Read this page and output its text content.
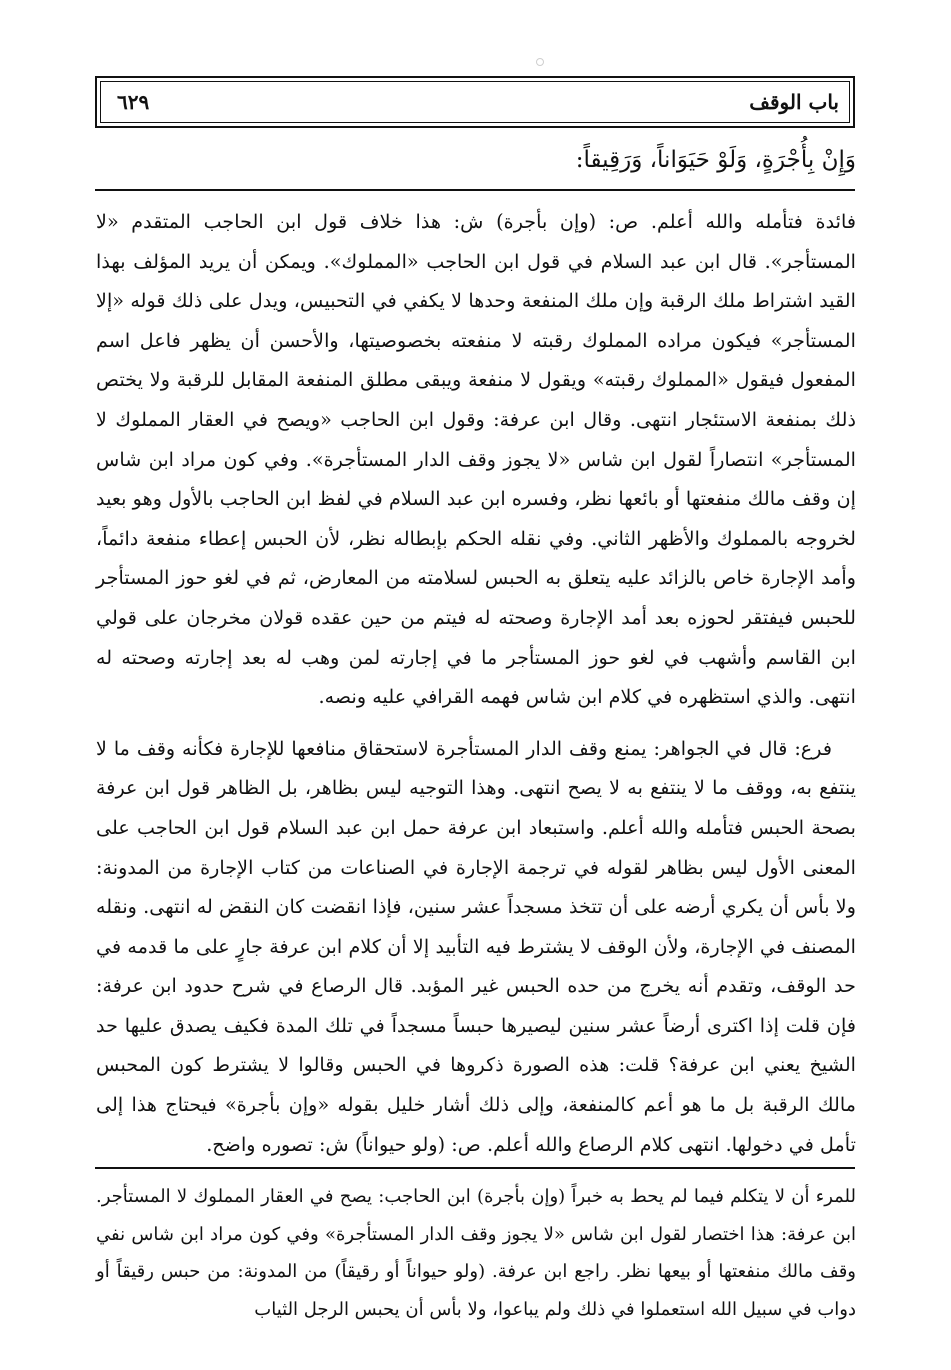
باب الوقف
٦٢٩
وَإِنْ بِأُجْرَةٍ، وَلَوْ حَيَوَاناً، وَرَقِيقاً:

فائدة فتأمله والله أعلم. ص: (وإن بأجرة) ش: هذا خلاف قول ابن الحاجب المتقدم «لا المستأجر». قال ابن عبد السلام في قول ابن الحاجب «المملوك». ويمكن أن يريد المؤلف بهذا القيد اشتراط ملك الرقبة وإن ملك المنفعة وحدها لا يكفي في التحبيس، ويدل على ذلك قوله «إلا المستأجر» فيكون مراده المملوك رقبته لا منفعته بخصوصيتها، والأحسن أن يظهر فاعل اسم المفعول فيقول «المملوك رقبته» ويقول لا منفعة ويبقى مطلق المنفعة المقابل للرقبة ولا يختص ذلك بمنفعة الاستئجار انتهى. وقال ابن عرفة: وقول ابن الحاجب «ويصح في العقار المملوك لا المستأجر» انتصاراً لقول ابن شاس «لا يجوز وقف الدار المستأجرة». وفي كون مراد ابن شاس إن وقف مالك منفعتها أو بائعها نظر، وفسره ابن عبد السلام في لفظ ابن الحاجب بالأول وهو بعيد لخروجه بالمملوك والأظهر الثاني. وفي نقله الحكم بإبطاله نظر، لأن الحبس إعطاء منفعة دائماً، وأمد الإجارة خاص بالزائد عليه يتعلق به الحبس لسلامته من المعارض، ثم في لغو حوز المستأجر للحبس فيفتقر لحوزه بعد أمد الإجارة وصحته له فيتم من حين عقده قولان مخرجان على قولي ابن القاسم وأشهب في لغو حوز المستأجر ما في إجارته لمن وهب له بعد إجارته وصحته له انتهى. والذي استظهره في كلام ابن شاس فهمه القرافي عليه ونصه.

فرع: قال في الجواهر: يمنع وقف الدار المستأجرة لاستحقاق منافعها للإجارة فكأنه وقف ما لا ينتفع به، ووقف ما لا ينتفع به لا يصح انتهى. وهذا التوجيه ليس بظاهر، بل الظاهر قول ابن عرفة بصحة الحبس فتأمله والله أعلم. واستبعاد ابن عرفة حمل ابن عبد السلام قول ابن الحاجب على المعنى الأول ليس بظاهر لقوله في ترجمة الإجارة في الصناعات من كتاب الإجارة من المدونة: ولا بأس أن يكري أرضه على أن تتخذ مسجداً عشر سنين، فإذا انقضت كان النقض له انتهى. ونقله المصنف في الإجارة، ولأن الوقف لا يشترط فيه التأبيد إلا أن كلام ابن عرفة جارٍ على ما قدمه في حد الوقف، وتقدم أنه يخرج من حده الحبس غير المؤبد. قال الرصاع في شرح حدود ابن عرفة: فإن قلت إذا اكترى أرضاً عشر سنين ليصيرها حبساً مسجداً في تلك المدة فكيف يصدق عليها حد الشيخ يعني ابن عرفة؟ قلت: هذه الصورة ذكروها في الحبس وقالوا لا يشترط كون المحبس مالك الرقبة بل ما هو أعم كالمنفعة، وإلى ذلك أشار خليل بقوله «وإن بأجرة» فيحتاج هذا إلى تأمل في دخولها. انتهى كلام الرصاع والله أعلم. ص: (ولو حيواناً) ش: تصوره واضح.

للمرء أن لا يتكلم فيما لم يحط به خبراً (وإن بأجرة) ابن الحاجب: يصح في العقار المملوك لا المستأجر. ابن عرفة: هذا اختصار لقول ابن شاس «لا يجوز وقف الدار المستأجرة» وفي كون مراد ابن شاس نفي وقف مالك منفعتها أو بيعها نظر. راجع ابن عرفة. (ولو حيواناً أو رقيقاً) من المدونة: من حبس رقيقاً أو دواب في سبيل الله استعملوا في ذلك ولم يباعوا، ولا بأس أن يحبس الرجل الثياب
